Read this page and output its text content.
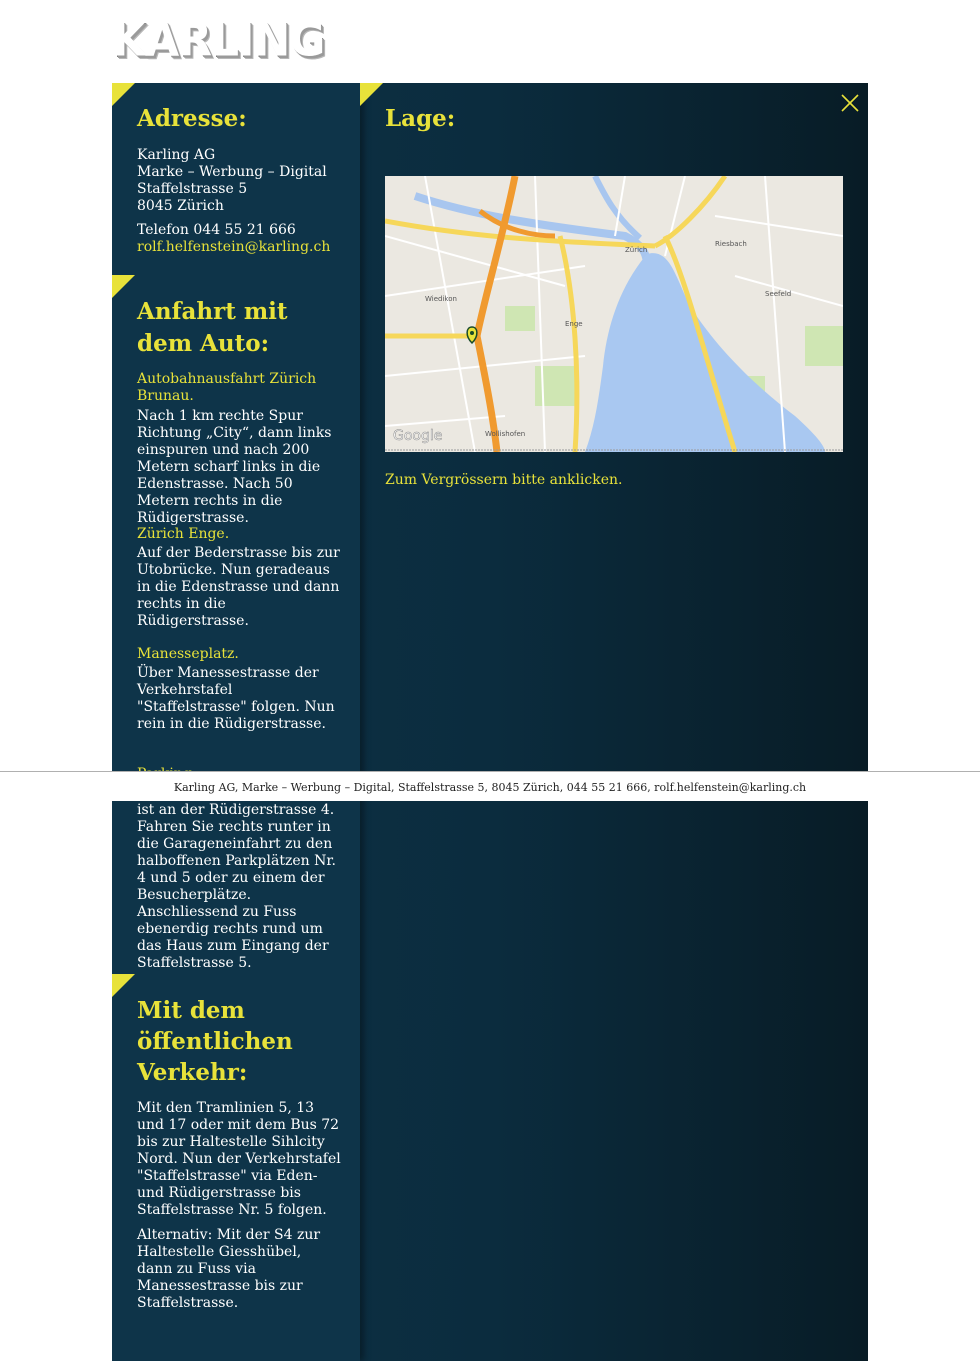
KARLING
Adresse:
Karling AG
Marke – Werbung – Digital
Staffelstrasse 5
8045 Zürich
Telefon 044 55 21 666
rolf.helfenstein@karling.ch
Anfahrt mit dem Auto:
Autobahnausfahrt Zürich Brunau.
Nach 1 km rechte Spur Richtung „City“, dann links einspuren und nach 200 Metern scharf links in die Edenstrasse. Nach 50 Metern rechts in die Rüdigerstrasse.
Zürich Enge.
Auf der Bederstrasse bis zur Utobrücke. Nun geradeaus in die Edenstrasse und dann rechts in die Rüdigerstrasse.
Manesseplatz.
Über Manessestrasse der Verkehrstafel "Staffelstrasse" folgen. Nun rein in die Rüdigerstrasse.
ist an der Rüdigerstrasse 4. Fahren Sie rechts runter in die Garageneinfahrt zu den halboffenen Parkplätzen Nr. 4 und 5 oder zu einem der Besucherplätze. Anschliessend zu Fuss ebenerdig rechts rund um das Haus zum Eingang der Staffelstrasse 5.
Mit dem öffentlichen Verkehr:
Mit den Tramlinien 5, 13 und 17 oder mit dem Bus 72 bis zur Haltestelle Sihlcity Nord. Nun der Verkehrstafel "Staffelstrasse" via Eden- und Rüdigerstrasse bis Staffelstrasse Nr. 5 folgen.
Alternativ: Mit der S4 zur Haltestelle Giesshübel, dann zu Fuss via Manessestrasse bis zur Staffelstrasse.
Lage:
Zürich
Wiedikon
Seefeld
Enge
Wollishofen
Riesbach
Google
Zum Vergrössern bitte anklicken.
Karling AG, Marke – Werbung – Digital, Staffelstrasse 5, 8045 Zürich, 044 55 21 666, rolf.helfenstein@karling.ch
